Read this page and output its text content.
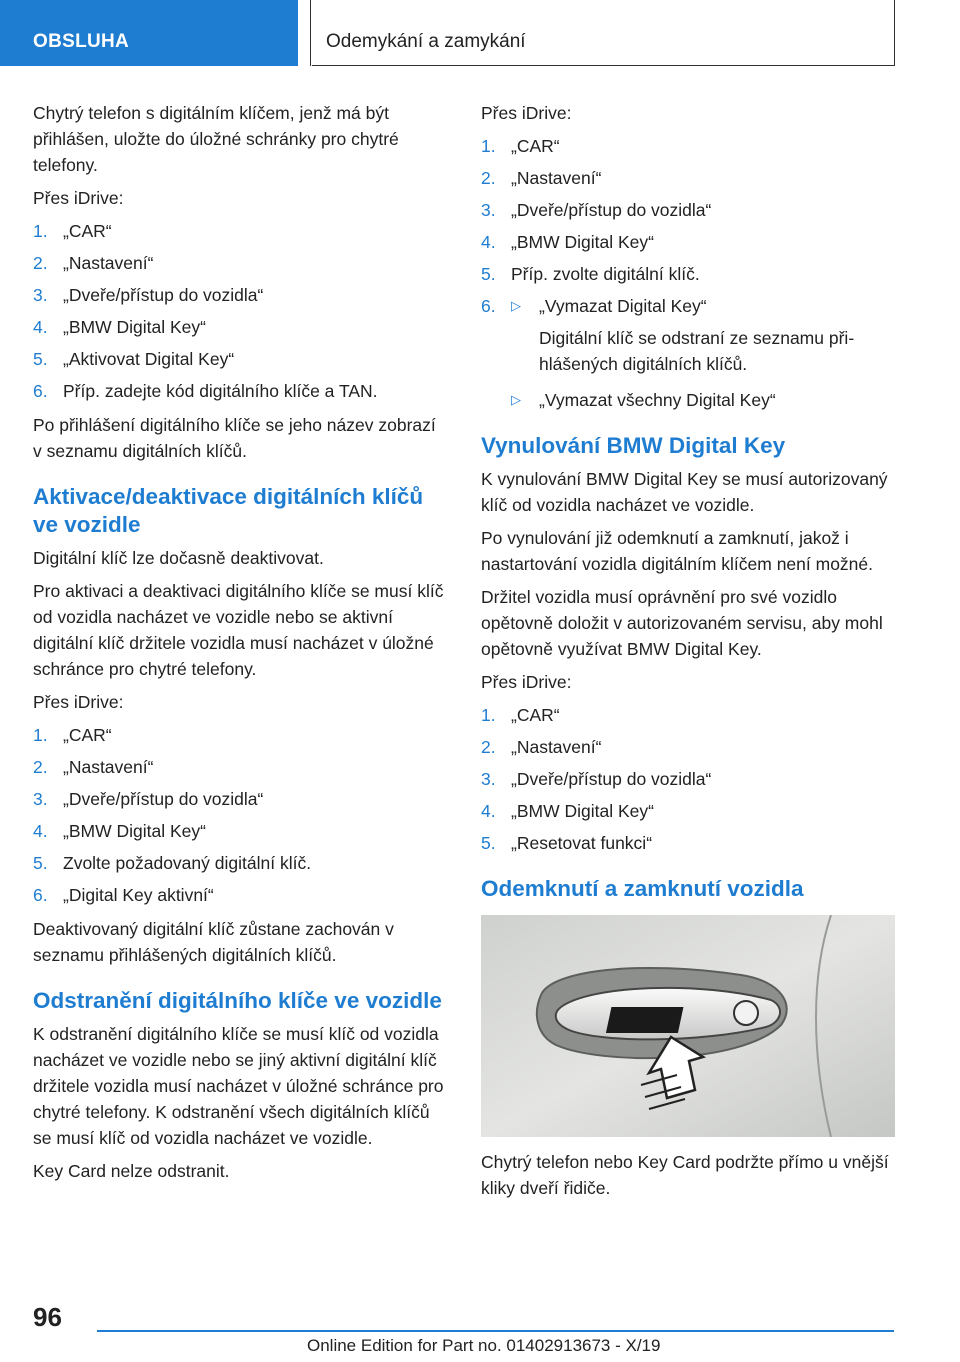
OBSLUHA	Odemykání a zamykání

Chytrý telefon s digitálním klíčem, jenž má být přihlášen, uložte do úložné schránky pro chytré telefony.

Přes iDrive:

1. „CAR“
2. „Nastavení“
3. „Dveře/přístup do vozidla“
4. „BMW Digital Key“
5. „Aktivovat Digital Key“
6. Příp. zadejte kód digitálního klíče a TAN.

Po přihlášení digitálního klíče se jeho název zobrazí v seznamu digitálních klíčů.

Aktivace/deaktivace digitálních klíčů ve vozidle

Digitální klíč lze dočasně deaktivovat.

Pro aktivaci a deaktivaci digitálního klíče se musí klíč od vozidla nacházet ve vozidle nebo se aktivní digitální klíč držitele vozidla musí nacházet v úložné schránce pro chytré telefony.

Přes iDrive:

1. „CAR“
2. „Nastavení“
3. „Dveře/přístup do vozidla“
4. „BMW Digital Key“
5. Zvolte požadovaný digitální klíč.
6. „Digital Key aktivní“

Deaktivovaný digitální klíč zůstane zachován v seznamu přihlášených digitálních klíčů.

Odstranění digitálního klíče ve vozidle

K odstranění digitálního klíče se musí klíč od vozidla nacházet ve vozidle nebo se jiný aktivní digitální klíč držitele vozidla musí nacházet v úložné schránce pro chytré telefony. K odstranění všech digitálních klíčů se musí klíč od vozidla nacházet ve vozidle.

Key Card nelze odstranit.

Přes iDrive:

1. „CAR“
2. „Nastavení“
3. „Dveře/přístup do vozidla“
4. „BMW Digital Key“
5. Příp. zvolte digitální klíč.
6. ▷ „Vymazat Digital Key“
Digitální klíč se odstraní ze seznamu přihlášených digitálních klíčů.
▷ „Vymazat všechny Digital Key“
Vynulování BMW Digital Key

K vynulování BMW Digital Key se musí autorizovaný klíč od vozidla nacházet ve vozidle.

Po vynulování již odemknutí a zamknutí, jakož i nastartování vozidla digitálním klíčem není možné.

Držitel vozidla musí oprávnění pro své vozidlo opětovně doložit v autorizovaném servisu, aby mohl opětovně využívat BMW Digital Key.

Přes iDrive:

1. „CAR“
2. „Nastavení“
3. „Dveře/přístup do vozidla“
4. „BMW Digital Key“
5. „Resetovat funkci“
Odemknutí a zamknutí vozidla

Chytrý telefon nebo Key Card podržte přímo u vnější kliky dveří řidiče.

96
Online Edition for Part no. 01402913673 - X/19
